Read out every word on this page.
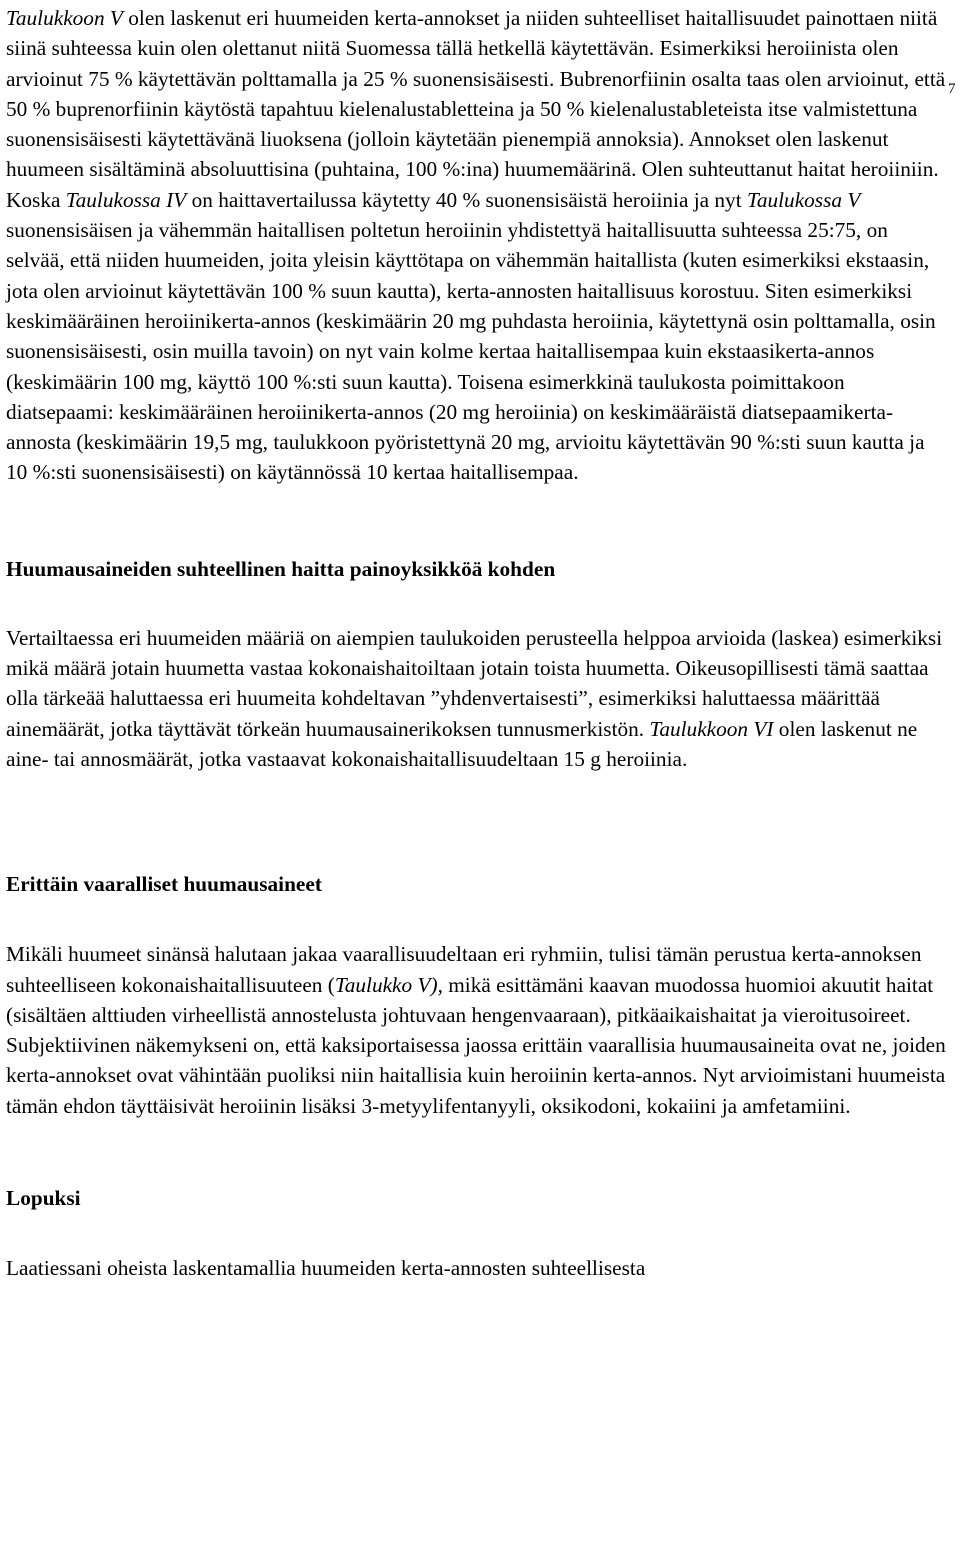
7

Taulukkoon V olen laskenut eri huumeiden kerta-annokset ja niiden suhteelliset haitallisuudet painottaen niitä siinä suhteessa kuin olen olettanut niitä Suomessa tällä hetkellä käytettävän. Esimerkiksi heroiinista olen arvioinut 75 % käytettävän polttamalla ja 25 % suonensisäisesti. Bubrenorfiinin osalta taas olen arvioinut, että 50 % buprenorfiinin käytöstä tapahtuu kielenalustabletteina ja 50 % kielenalustableteista itse valmistettuna suonensisäisesti käytettävänä liuoksena (jolloin käytetään pienempiä annoksia). Annokset olen laskenut huumeen sisältäminä absoluuttisina (puhtaina, 100 %:ina) huumemäärinä. Olen suhteuttanut haitat heroiiniin. Koska Taulukossa IV on haittavertailussa käytetty 40 % suonensisäistä heroiinia ja nyt Taulukossa V suonensisäisen ja vähemmän haitallisen poltetun heroiinin yhdistettyä haitallisuutta suhteessa 25:75, on selvää, että niiden huumeiden, joita yleisin käyttötapa on vähemmän haitallista (kuten esimerkiksi ekstaasin, jota olen arvioinut käytettävän 100 % suun kautta), kerta-annosten haitallisuus korostuu. Siten esimerkiksi keskimääräinen heroiinikerta-annos (keskimäärin 20 mg puhdasta heroiinia, käytettynä osin polttamalla, osin suonensisäisesti, osin muilla tavoin) on nyt vain kolme kertaa haitallisempaa kuin ekstaasikerta-annos (keskimäärin 100 mg, käyttö 100 %:sti suun kautta). Toisena esimerkkinä taulukosta poimittakoon diatsepaami: keskimääräinen heroiinikerta-annos (20 mg heroiinia) on keskimääräistä diatsepaamikerta-annosta (keskimäärin 19,5 mg, taulukkoon pyöristettynä 20 mg, arvioitu käytettävän 90 %:sti suun kautta ja 10 %:sti suonensisäisesti) on käytännössä 10 kertaa haitallisempaa.

Huumausaineiden suhteellinen haitta painoyksikköä kohden

Vertailtaessa eri huumeiden määriä on aiempien taulukoiden perusteella helppoa arvioida (laskea) esimerkiksi mikä määrä jotain huumetta vastaa kokonaishaitoiltaan jotain toista huumetta. Oikeusopillisesti tämä saattaa olla tärkeää haluttaessa eri huumeita kohdeltavan ”yhdenvertaisesti”, esimerkiksi haluttaessa määrittää ainemäärät, jotka täyttävät törkeän huumausainerikoksen tunnusmerkistön. Taulukkoon VI olen laskenut ne aine- tai annosmäärät, jotka vastaavat kokonaishaitallisuudeltaan 15 g heroiinia.

Erittäin vaaralliset huumausaineet

Mikäli huumeet sinänsä halutaan jakaa vaarallisuudeltaan eri ryhmiin, tulisi tämän perustua kerta-annoksen suhteelliseen kokonaishaitallisuuteen (Taulukko V), mikä esittämäni kaavan muodossa huomioi akuutit haitat (sisältäen alttiuden virheellistä annostelusta johtuvaan hengenvaaraan), pitkäaikaishaitat ja vieroitusoireet. Subjektiivinen näkemykseni on, että kaksiportaisessa jaossa erittäin vaarallisia huumausaineita ovat ne, joiden kerta-annokset ovat vähintään puoliksi niin haitallisia kuin heroiinin kerta-annos. Nyt arvioimistani huumeista tämän ehdon täyttäisivät heroiinin lisäksi 3-metyylifentanyyli, oksikodoni, kokaiini ja amfetamiini.

Lopuksi

Laatiessani oheista laskentamallia huumeiden kerta-annosten suhteellisesta
